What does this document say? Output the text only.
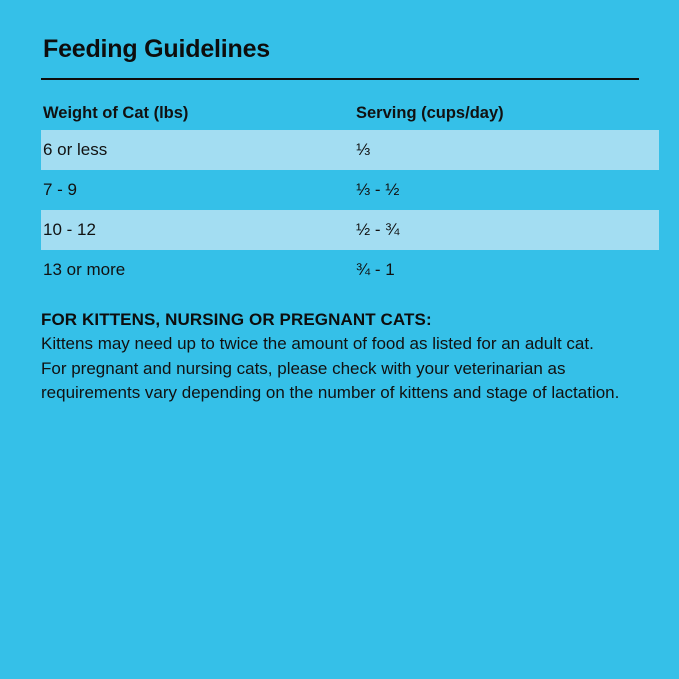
Feeding Guidelines
Weight of Cat (lbs)	Serving (cups/day)
6 or less	⅓
7 - 9	⅓ - ½
10 - 12	½ - ¾
13 or more	¾ - 1
FOR KITTENS, NURSING OR PREGNANT CATS:
Kittens may need up to twice the amount of food as listed for an adult cat. For pregnant and nursing cats, please check with your veterinarian as requirements vary depending on the number of kittens and stage of lactation.
